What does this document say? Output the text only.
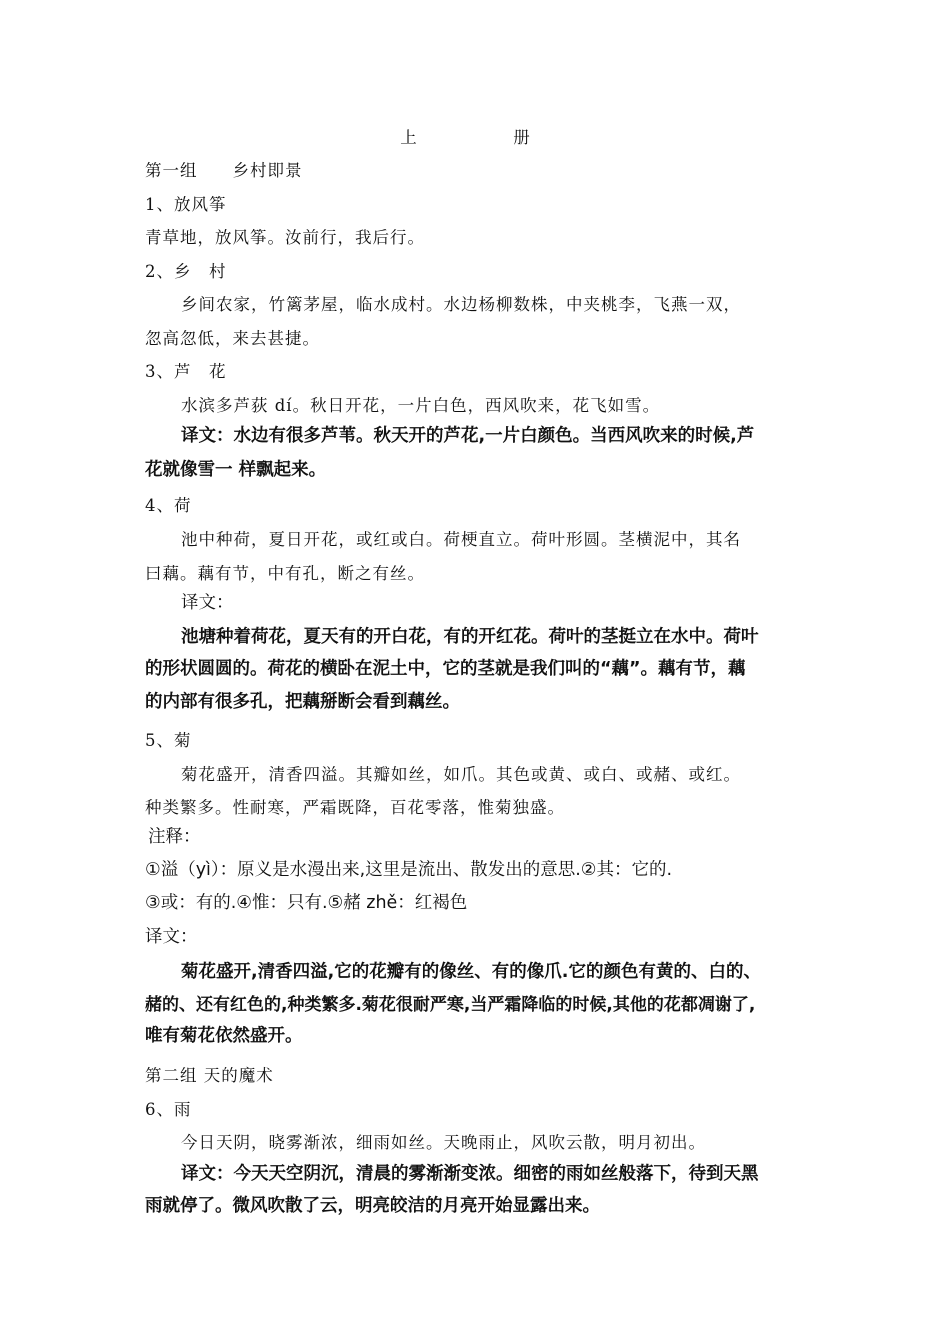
上　册
第一组　　乡村即景
1、放风筝
青草地，放风筝。汝前行，我后行。
2、乡　村
乡间农家，竹篱茅屋，临水成村。水边杨柳数株，中夹桃李，飞燕一双，
忽高忽低，来去甚捷。
3、芦　花
水滨多芦荻 dí。秋日开花，一片白色，西风吹来，花飞如雪。
译文：水边有很多芦苇。秋天开的芦花,一片白颜色。当西风吹来的时候,芦
花就像雪一 样飘起来。
4、荷
池中种荷，夏日开花，或红或白。荷梗直立。荷叶形圆。茎横泥中，其名
曰藕。藕有节，中有孔，断之有丝。
译文：
池塘种着荷花，夏天有的开白花，有的开红花。荷叶的茎挺立在水中。荷叶
的形状圆圆的。荷花的横卧在泥土中，它的茎就是我们叫的“藕”。藕有节，藕
的内部有很多孔，把藕掰断会看到藕丝。
5、菊
菊花盛开，清香四溢。其瓣如丝，如爪。其色或黄、或白、或赭、或红。
种类繁多。性耐寒，严霜既降，百花零落，惟菊独盛。
注释：
①溢（yì）：原义是水漫出来,这里是流出、散发出的意思.②其：它的.
③或：有的.④惟：只有.⑤赭 zhě：红褐色
译文：
菊花盛开,清香四溢,它的花瓣有的像丝、有的像爪.它的颜色有黄的、白的、
赭的、还有红色的,种类繁多.菊花很耐严寒,当严霜降临的时候,其他的花都凋谢了,
唯有菊花依然盛开。
第二组 天的魔术
6、雨
今日天阴，晓雾渐浓，细雨如丝。天晚雨止，风吹云散，明月初出。
译文：今天天空阴沉，清晨的雾渐渐变浓。细密的雨如丝般落下，待到天黑
雨就停了。微风吹散了云，明亮皎洁的月亮开始显露出来。
